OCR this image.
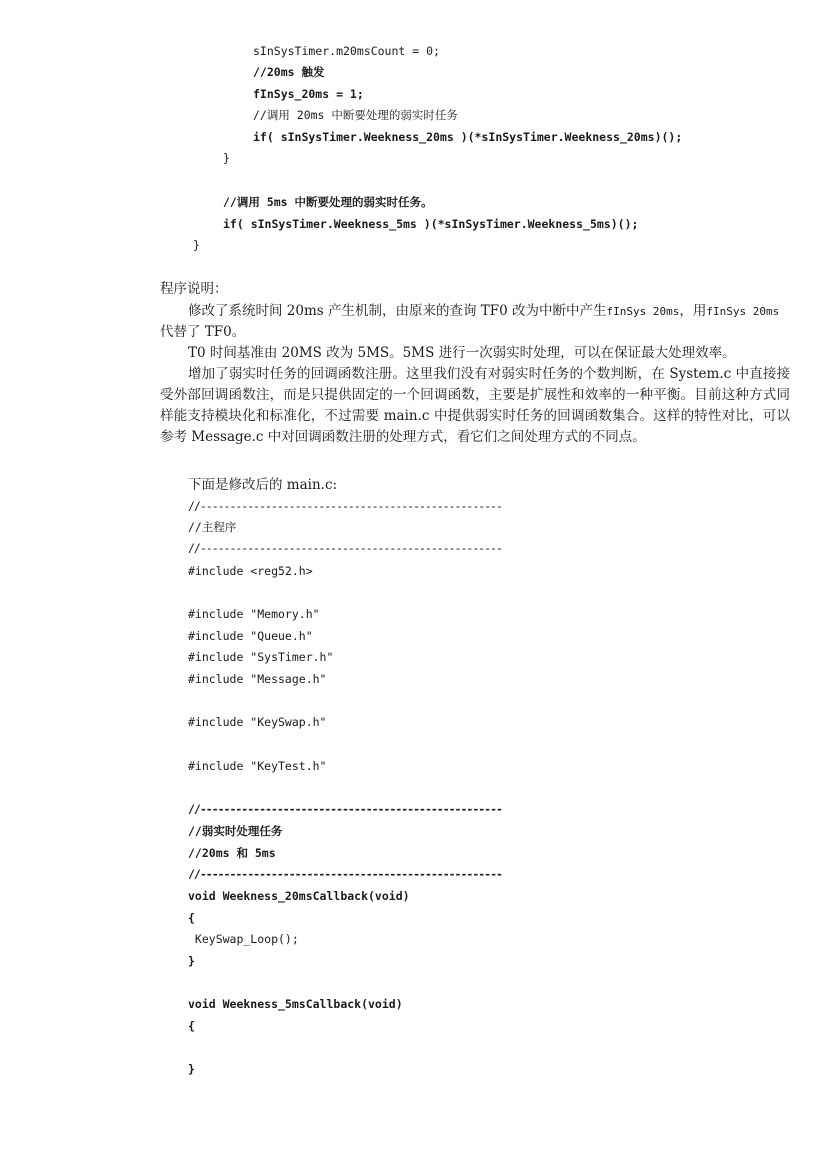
sInSysTimer.m20msCount = 0;
//20ms 触发
fInSys_20ms = 1;
//调用 20ms 中断要处理的弱实时任务
if( sInSysTimer.Weekness_20ms )(*sInSysTimer.Weekness_20ms)();
}
//调用 5ms 中断要处理的弱实时任务。
if( sInSysTimer.Weekness_5ms )(*sInSysTimer.Weekness_5ms)();
}
程序说明：
修改了系统时间 20ms 产生机制，由原来的查询 TF0 改为中断中产生fInSys 20ms，用fInSys 20ms
代替了 TF0。
T0 时间基准由 20MS 改为 5MS。5MS 进行一次弱实时处理，可以在保证最大处理效率。
增加了弱实时任务的回调函数注册。这里我们没有对弱实时任务的个数判断，在 System.c 中直接接受外部回调函数注，而是只提供固定的一个回调函数，主要是扩展性和效率的一种平衡。目前这种方式同样能支持模块化和标准化，不过需要 main.c 中提供弱实时任务的回调函数集合。这样的特性对比，可以参考 Message.c 中对回调函数注册的处理方式，看它们之间处理方式的不同点。
下面是修改后的 main.c:
//---------------------------------------------------
//主程序
//---------------------------------------------------
#include <reg52.h>
#include "Memory.h"
#include "Queue.h"
#include "SysTimer.h"
#include "Message.h"
#include "KeySwap.h"
#include "KeyTest.h"
//---------------------------------------------------
//弱实时处理任务
//20ms 和 5ms
//---------------------------------------------------
void Weekness_20msCallback(void)
{
KeySwap_Loop();
}
void Weekness_5msCallback(void)
{
}
